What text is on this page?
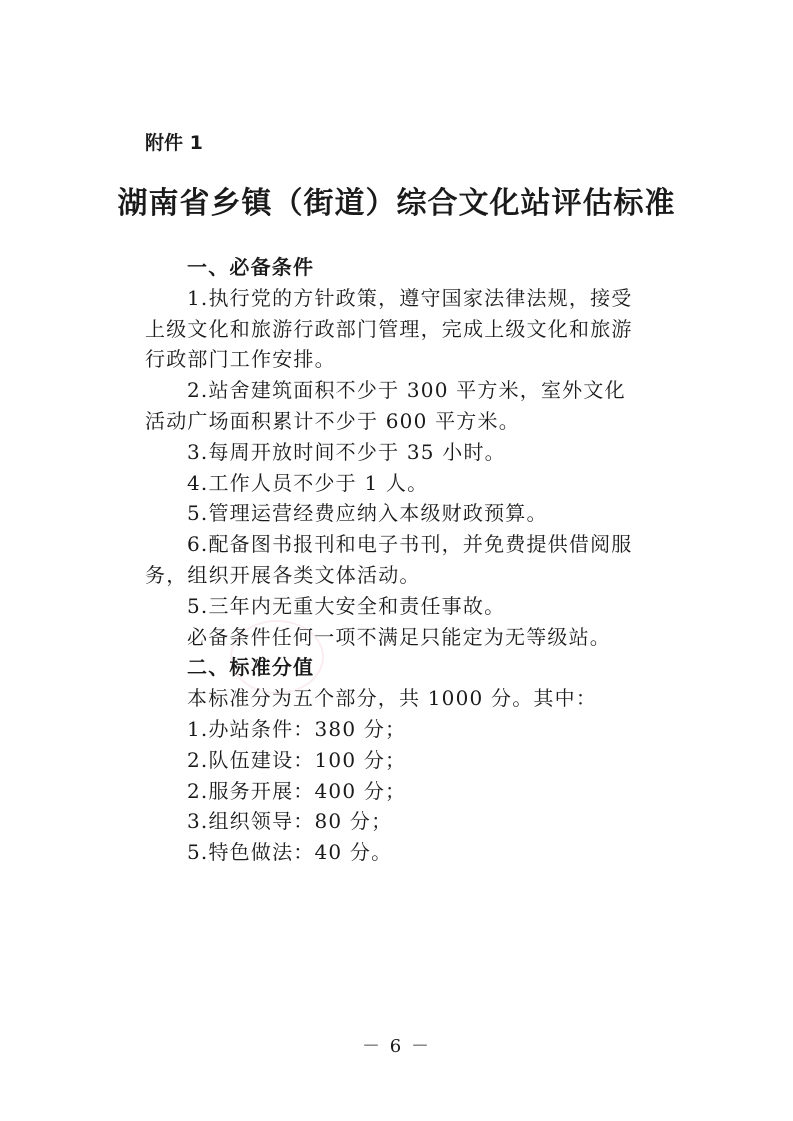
附件 1
湖南省乡镇（街道）综合文化站评估标准

一、必备条件

1.执行党的方针政策，遵守国家法律法规，接受上级文化和旅游行政部门管理，完成上级文化和旅游行政部门工作安排。

2.站舍建筑面积不少于 300 平方米，室外文化活动广场面积累计不少于 600 平方米。

3.每周开放时间不少于 35 小时。

4.工作人员不少于 1 人。

5.管理运营经费应纳入本级财政预算。

6.配备图书报刊和电子书刊，并免费提供借阅服务，组织开展各类文体活动。

5.三年内无重大安全和责任事故。

必备条件任何一项不满足只能定为无等级站。

二、标准分值

本标准分为五个部分，共 1000 分。其中：

1.办站条件：380 分；

2.队伍建设：100 分；

2.服务开展：400 分；

3.组织领导：80 分；

5.特色做法：40 分。

－ 6 －
